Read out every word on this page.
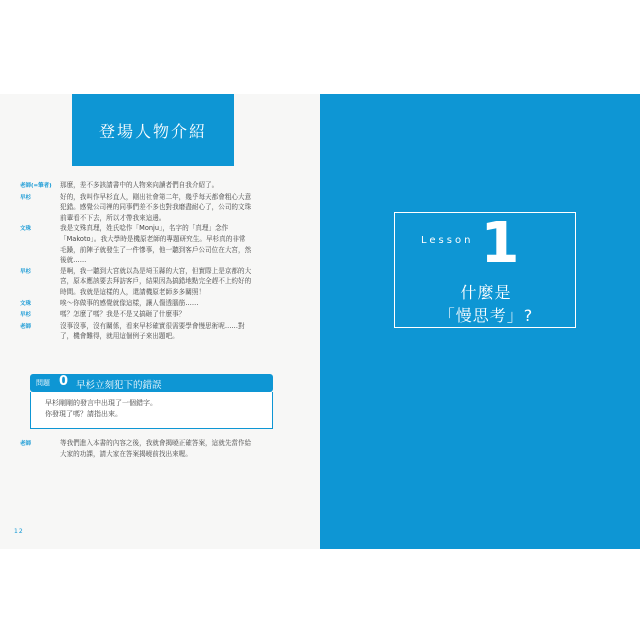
登場人物介紹
老師(=筆者)	那麼，差不多該請書中的人物來向讀者們自我介紹了。
早杉	好的，我叫作早杉直人，剛出社會第二年，幾乎每天都會粗心大意
犯錯。感覺公司裡的同事們差不多也對我磨盡耐心了，公司的文珠
前輩看不下去，所以才帶我來這邊。
文珠	我是文殊真理，姓氏唸作「Monju」，名字的「真理」念作
「Makoto」。我大學時是機原老師的專題研究生。早杉真的非常
毛躁，前陣子就發生了一件慘事，他一聽到客戶公司位在大宮，然
後就……
早杉	是啊，我一聽到大宮就以為是埼玉縣的大宮，但實際上是京都的大
宮，原本應該要去拜訪客戶，結果因為搞錯地點完全趕不上約好的
時間。我就是這樣的人，還請機原老師多多關照！
文珠	唉～你做事的感覺就像這樣，讓人傷透腦筋……
早杉	嗎？怎麼了嗎？我是不是又搞砸了什麼事？
老師	沒事沒事，沒有關係，看來早杉確實很需要學會慢思術呢……對
了，機會難得，就用這個例子來出題吧。
問題 0 早杉立刻犯下的錯誤
早杉剛剛的發言中出現了一個錯字。
你發現了嗎？請指出來。
老師	等我們進入本書的內容之後，我就會揭曉正確答案，這就先當作給
大家的功課，請大家在答案揭曉前找出來喔。
12
Lesson 1
什麼是
「慢思考」?
